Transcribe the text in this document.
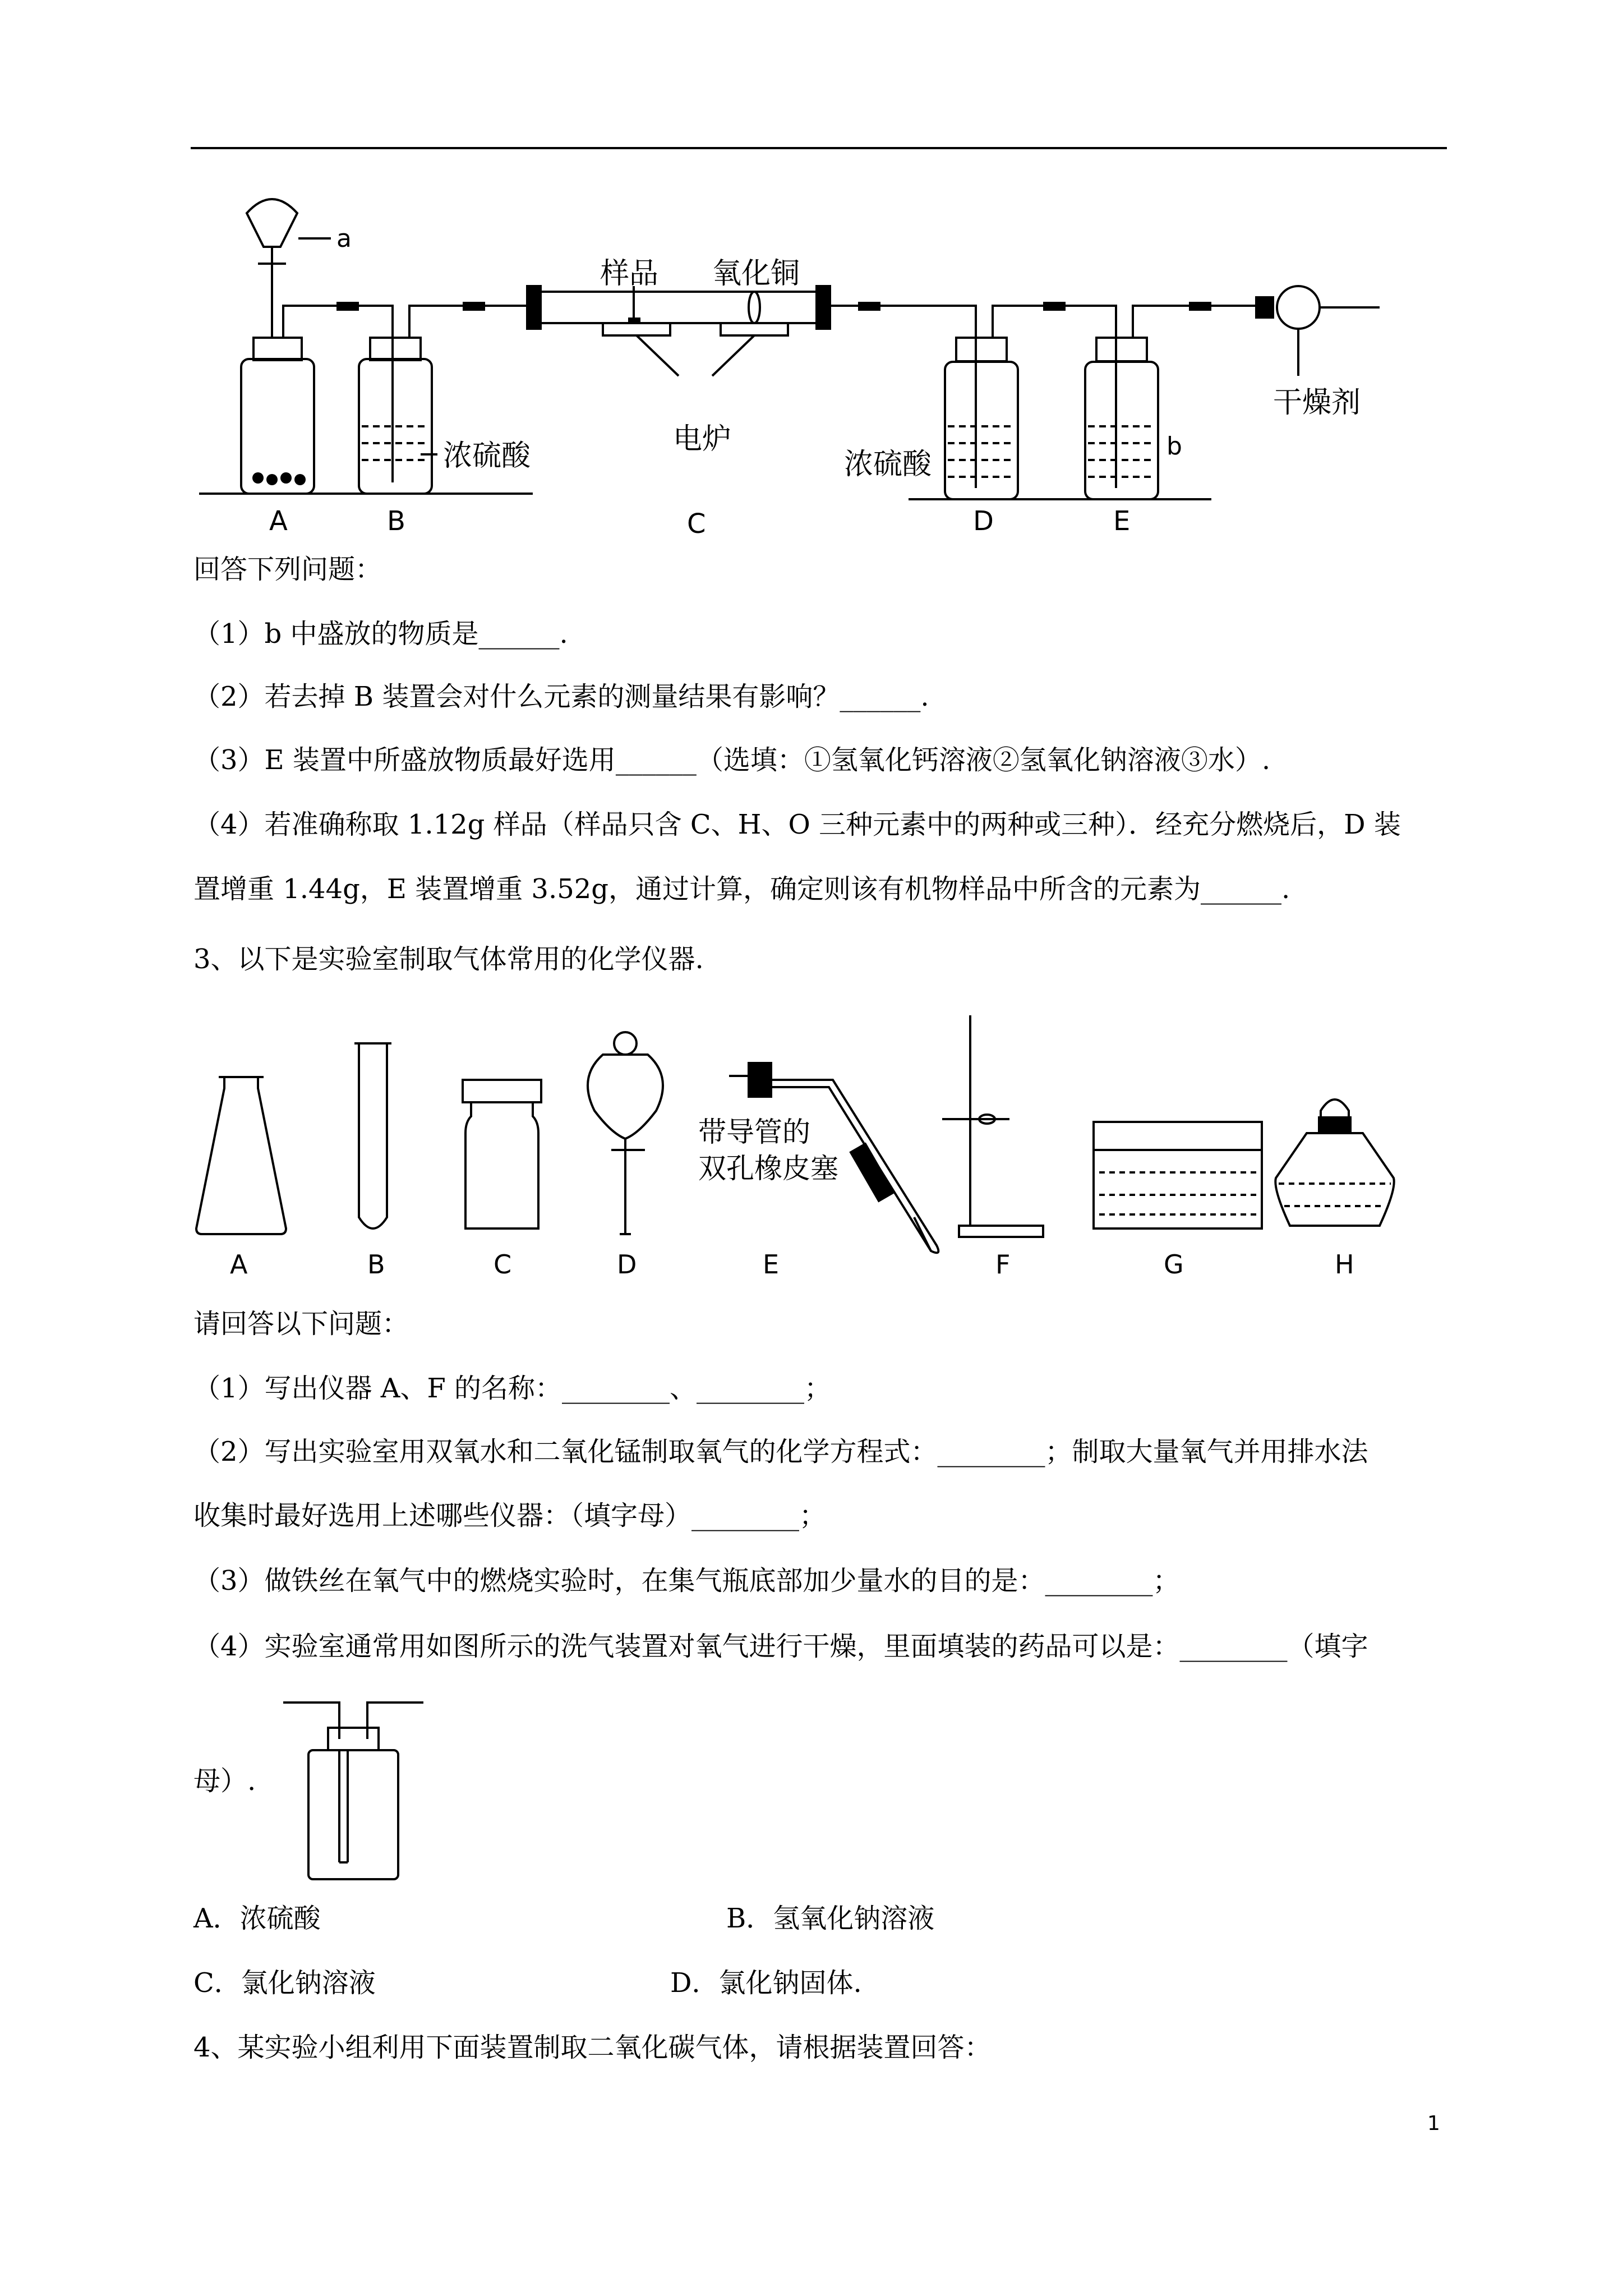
a
b
样品 氧化铜
浓硫酸	电炉
浓硫酸
干燥剂
A	B	C	D	E
回答下列问题：
（1）b 中盛放的物质是______.
（2）若去掉 B 装置会对什么元素的测量结果有影响？______.
（3）E 装置中所盛放物质最好选用______（选填：①氢氧化钙溶液②氢氧化钠溶液③水）.
（4）若准确称取 1.12g 样品（样品只含 C、H、O 三种元素中的两种或三种）．经充分燃烧后，D 装
置增重 1.44g，E 装置增重 3.52g，通过计算，确定则该有机物样品中所含的元素为______.
3、以下是实验室制取气体常用的化学仪器.
带导管的
双孔橡皮塞
A	B	C	D	E	F	G	H
请回答以下问题：
（1）写出仪器 A、F 的名称：________、________；
（2）写出实验室用双氧水和二氧化锰制取氧气的化学方程式：________；制取大量氧气并用排水法
收集时最好选用上述哪些仪器：（填字母）________；
（3）做铁丝在氧气中的燃烧实验时，在集气瓶底部加少量水的目的是：________；
（4）实验室通常用如图所示的洗气装置对氧气进行干燥，里面填装的药品可以是：________（填字
母）.
A．浓硫酸	B．氢氧化钠溶液
C．氯化钠溶液	D．氯化钠固体.
4、某实验小组利用下面装置制取二氧化碳气体，请根据装置回答：
1
